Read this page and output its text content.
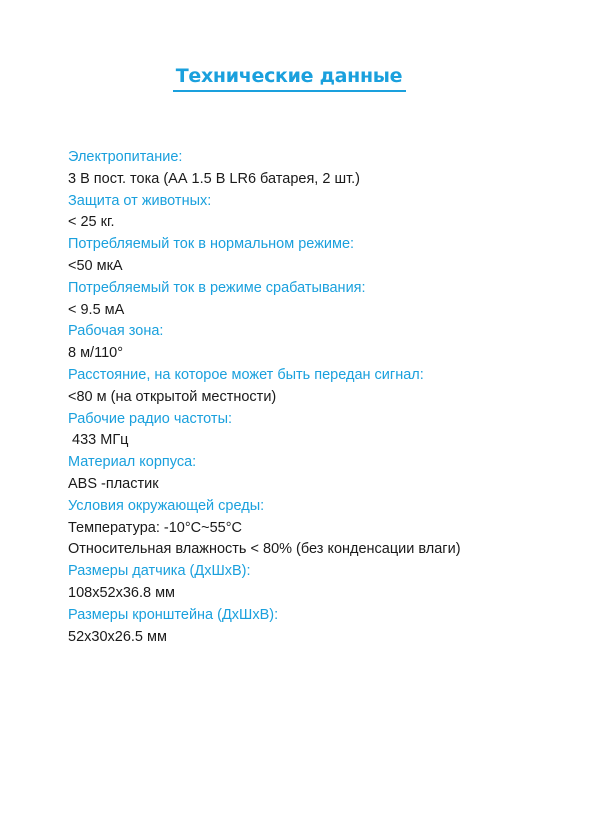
Технические данные
Электропитание:
3 В пост. тока (АА 1.5 В LR6 батарея, 2 шт.)
Защита от животных:
< 25 кг.
Потребляемый ток в нормальном режиме:
<50 мкА
Потребляемый ток в режиме срабатывания:
< 9.5 мА
Рабочая зона:
8 м/110°
Расстояние, на которое может быть передан сигнал:
<80 м (на открытой местности)
Рабочие радио частоты:
433 МГц
Материал корпуса:
ABS -пластик
Условия окружающей среды:
Температура: -10°C~55°C
Относительная влажность < 80% (без конденсации влаги)
Размеры датчика (ДхШхВ):
108x52x36.8 мм
Размеры кронштейна (ДхШхВ):
52x30x26.5 мм
